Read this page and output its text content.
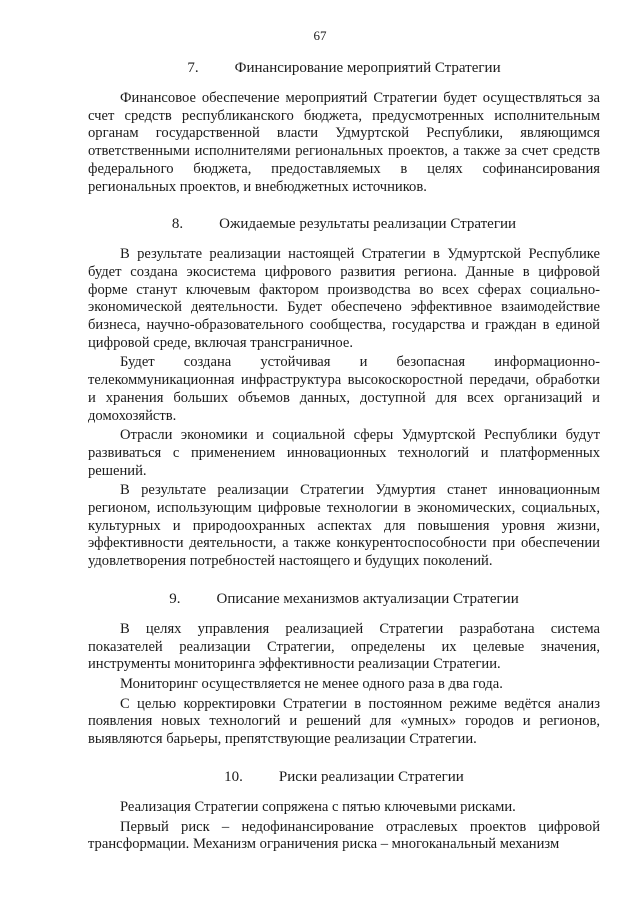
67
7. Финансирование мероприятий Стратегии

Финансовое обеспечение мероприятий Стратегии будет осуществляться за счет средств республиканского бюджета, предусмотренных исполнительным органам государственной власти Удмуртской Республики, являющимся ответственными исполнителями региональных проектов, а также за счет средств федерального бюджета, предоставляемых в целях софинансирования региональных проектов, и внебюджетных источников.

8. Ожидаемые результаты реализации Стратегии

В результате реализации настоящей Стратегии в Удмуртской Республике будет создана экосистема цифрового развития региона. Данные в цифровой форме станут ключевым фактором производства во всех сферах социально-экономической деятельности. Будет обеспечено эффективное взаимодействие бизнеса, научно-образовательного сообщества, государства и граждан в единой цифровой среде, включая трансграничное.

Будет создана устойчивая и безопасная информационно-телекоммуникационная инфраструктура высокоскоростной передачи, обработки и хранения больших объемов данных, доступной для всех организаций и домохозяйств.

Отрасли экономики и социальной сферы Удмуртской Республики будут развиваться с применением инновационных технологий и платформенных решений.

В результате реализации Стратегии Удмуртия станет инновационным регионом, использующим цифровые технологии в экономических, социальных, культурных и природоохранных аспектах для повышения уровня жизни, эффективности деятельности, а также конкурентоспособности при обеспечении удовлетворения потребностей настоящего и будущих поколений.

9. Описание механизмов актуализации Стратегии

В целях управления реализацией Стратегии разработана система показателей реализации Стратегии, определены их целевые значения, инструменты мониторинга эффективности реализации Стратегии.

Мониторинг осуществляется не менее одного раза в два года.

С целью корректировки Стратегии в постоянном режиме ведётся анализ появления новых технологий и решений для «умных» городов и регионов, выявляются барьеры, препятствующие реализации Стратегии.

10. Риски реализации Стратегии

Реализация Стратегии сопряжена с пятью ключевыми рисками.

Первый риск – недофинансирование отраслевых проектов цифровой трансформации. Механизм ограничения риска – многоканальный механизм
